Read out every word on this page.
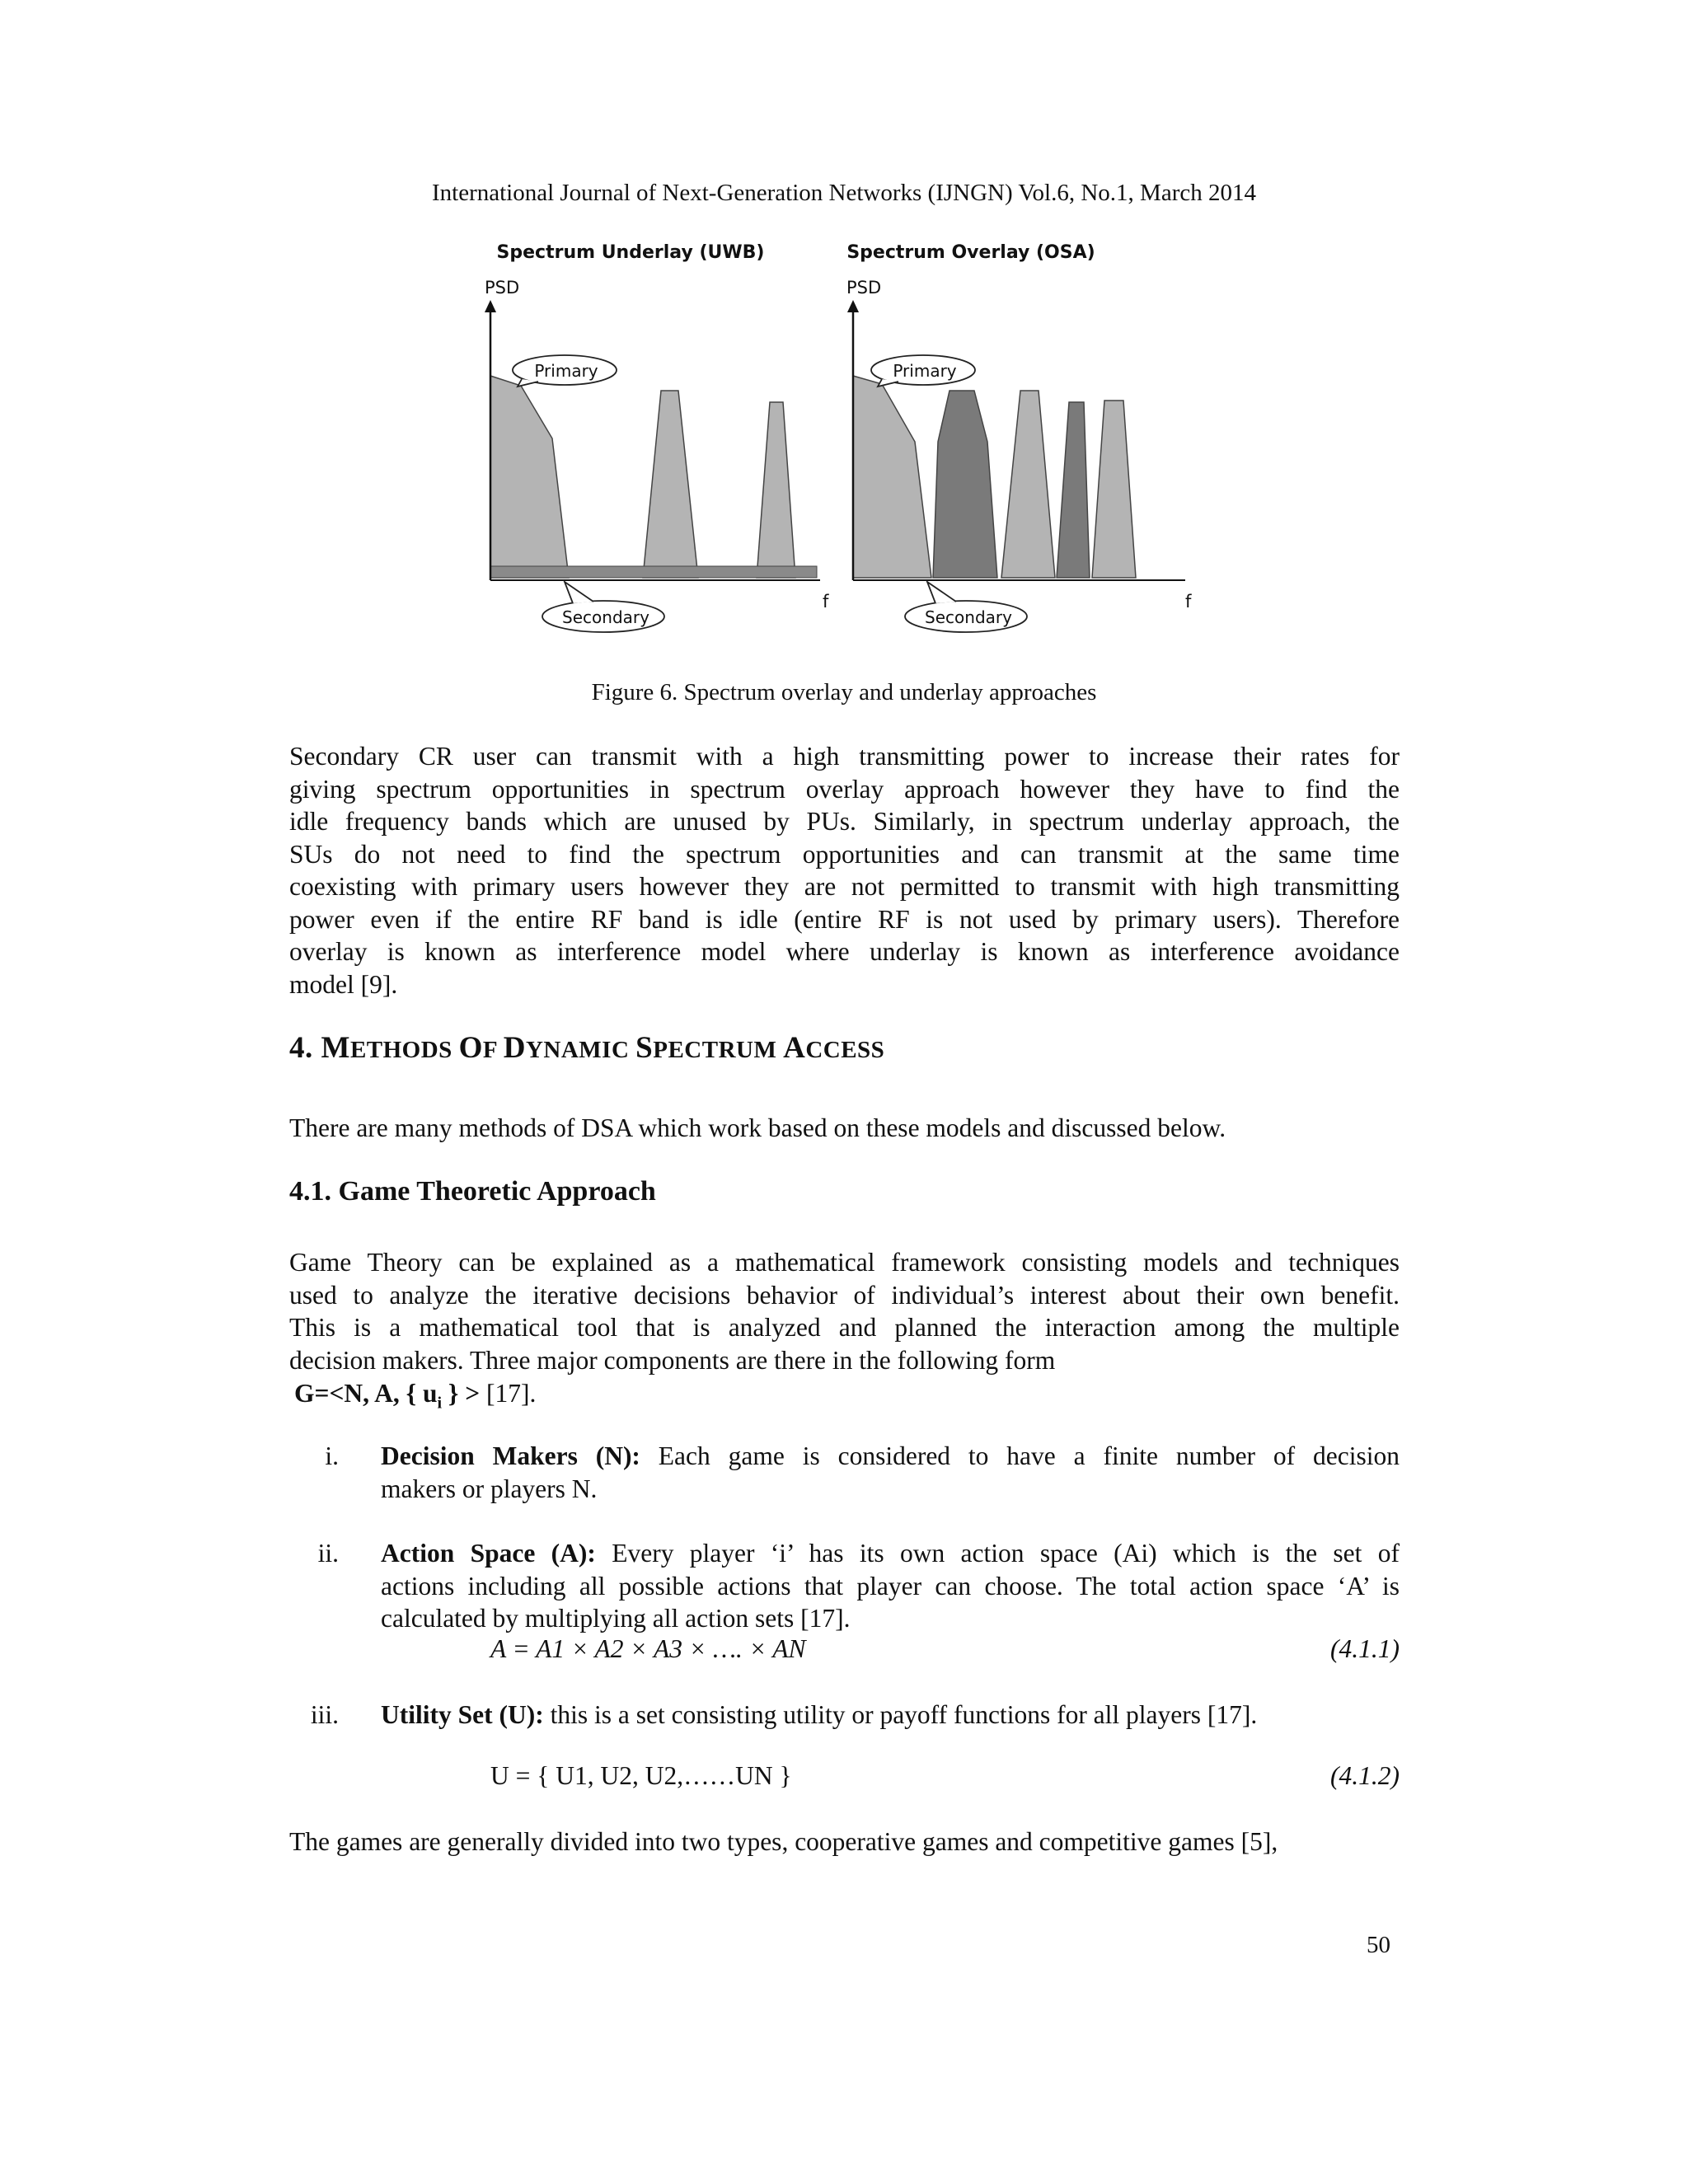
International Journal of Next-Generation Networks (IJNGN) Vol.6, No.1, March 2014
Spectrum Underlay (UWB)	Spectrum Overlay (OSA)
PSD
Primary
Secondary
f
PSD
Primary
Secondary
f
Figure 6. Spectrum overlay and underlay approaches
Secondary CR user can transmit with a high transmitting power to increase their rates for
giving spectrum opportunities in spectrum overlay approach however they have to find the
idle frequency bands which are unused by PUs. Similarly, in spectrum underlay approach, the
SUs do not need to find the spectrum opportunities and can transmit at the same time
coexisting with primary users however they are not permitted to transmit with high transmitting
power even if the entire RF band is idle (entire RF is not used by primary users). Therefore
overlay is known as interference model where underlay is known as interference avoidance
model [9].
4. METHODS OF DYNAMIC SPECTRUM ACCESS
There are many methods of DSA which work based on these models and discussed below.
4.1. Game Theoretic Approach
Game Theory can be explained as a mathematical framework consisting models and techniques
used to analyze the iterative decisions behavior of individual’s interest about their own benefit.
This is a mathematical tool that is analyzed and planned the interaction among the multiple
decision makers. Three major components are there in the following form
G=<N, A, { $u_i$ } > [17].
i. Decision Makers (N): Each game is considered to have a finite number of decision
makers or players N.
ii. Action Space (A): Every player ‘i’ has its own action space (Ai) which is the set of
actions including all possible actions that player can choose. The total action space ‘A’ is
calculated by multiplying all action sets [17].
A = A1 × A2 × A3 × …. × AN	(4.1.1)
iii. Utility Set (U): this is a set consisting utility or payoff functions for all players [17].
U = { U1, U2, U2,……UN }	(4.1.2)
The games are generally divided into two types, cooperative games and competitive games [5],
50
